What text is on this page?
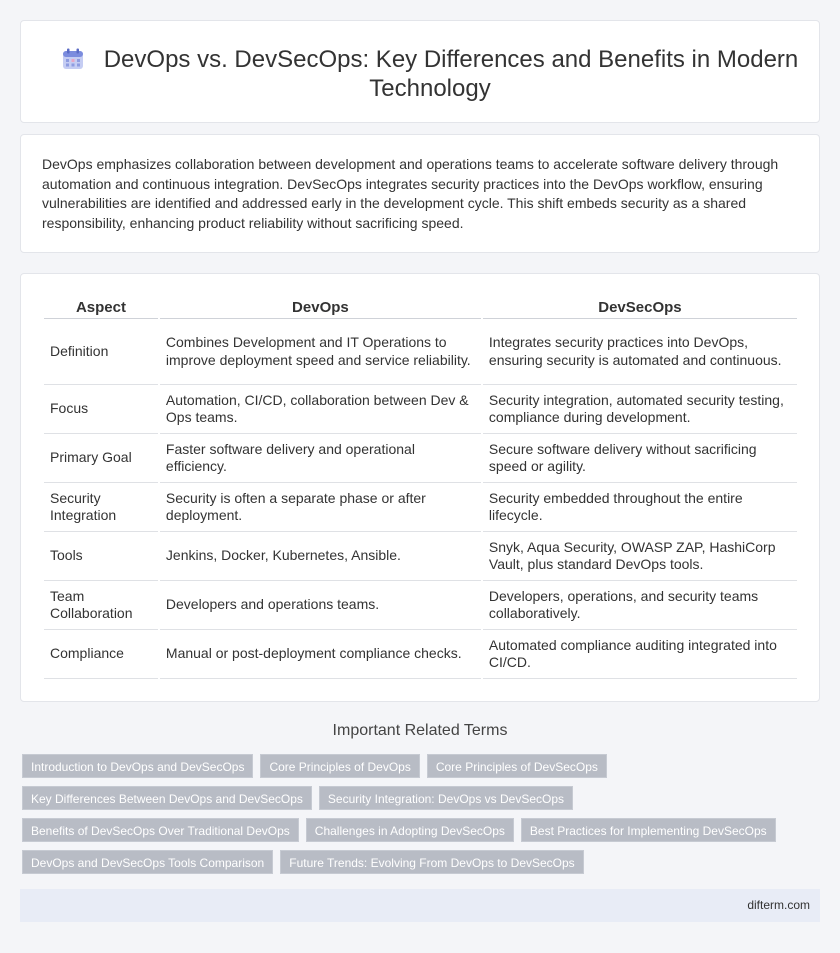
DevOps vs. DevSecOps: Key Differences and Benefits in Modern Technology

DevOps emphasizes collaboration between development and operations teams to accelerate software delivery through automation and continuous integration. DevSecOps integrates security practices into the DevOps workflow, ensuring vulnerabilities are identified and addressed early in the development cycle. This shift embeds security as a shared responsibility, enhancing product reliability without sacrificing speed.

Aspect	DevOps	DevSecOps
Definition	Combines Development and IT Operations to improve deployment speed and service reliability.	Integrates security practices into DevOps, ensuring security is automated and continuous.
Focus	Automation, CI/CD, collaboration between Dev & Ops teams.	Security integration, automated security testing, compliance during development.
Primary Goal	Faster software delivery and operational efficiency.	Secure software delivery without sacrificing speed or agility.
Security Integration	Security is often a separate phase or after deployment.	Security embedded throughout the entire lifecycle.
Tools	Jenkins, Docker, Kubernetes, Ansible.	Snyk, Aqua Security, OWASP ZAP, HashiCorp Vault, plus standard DevOps tools.
Team Collaboration	Developers and operations teams.	Developers, operations, and security teams collaboratively.
Compliance	Manual or post-deployment compliance checks.	Automated compliance auditing integrated into CI/CD.
Important Related Terms
Introduction to DevOps and DevSecOps	Core Principles of DevOps	Core Principles of DevSecOps
Key Differences Between DevOps and DevSecOps	Security Integration: DevOps vs DevSecOps
Benefits of DevSecOps Over Traditional DevOps	Challenges in Adopting DevSecOps	Best Practices for Implementing DevSecOps
DevOps and DevSecOps Tools Comparison	Future Trends: Evolving From DevOps to DevSecOps
difterm.com
